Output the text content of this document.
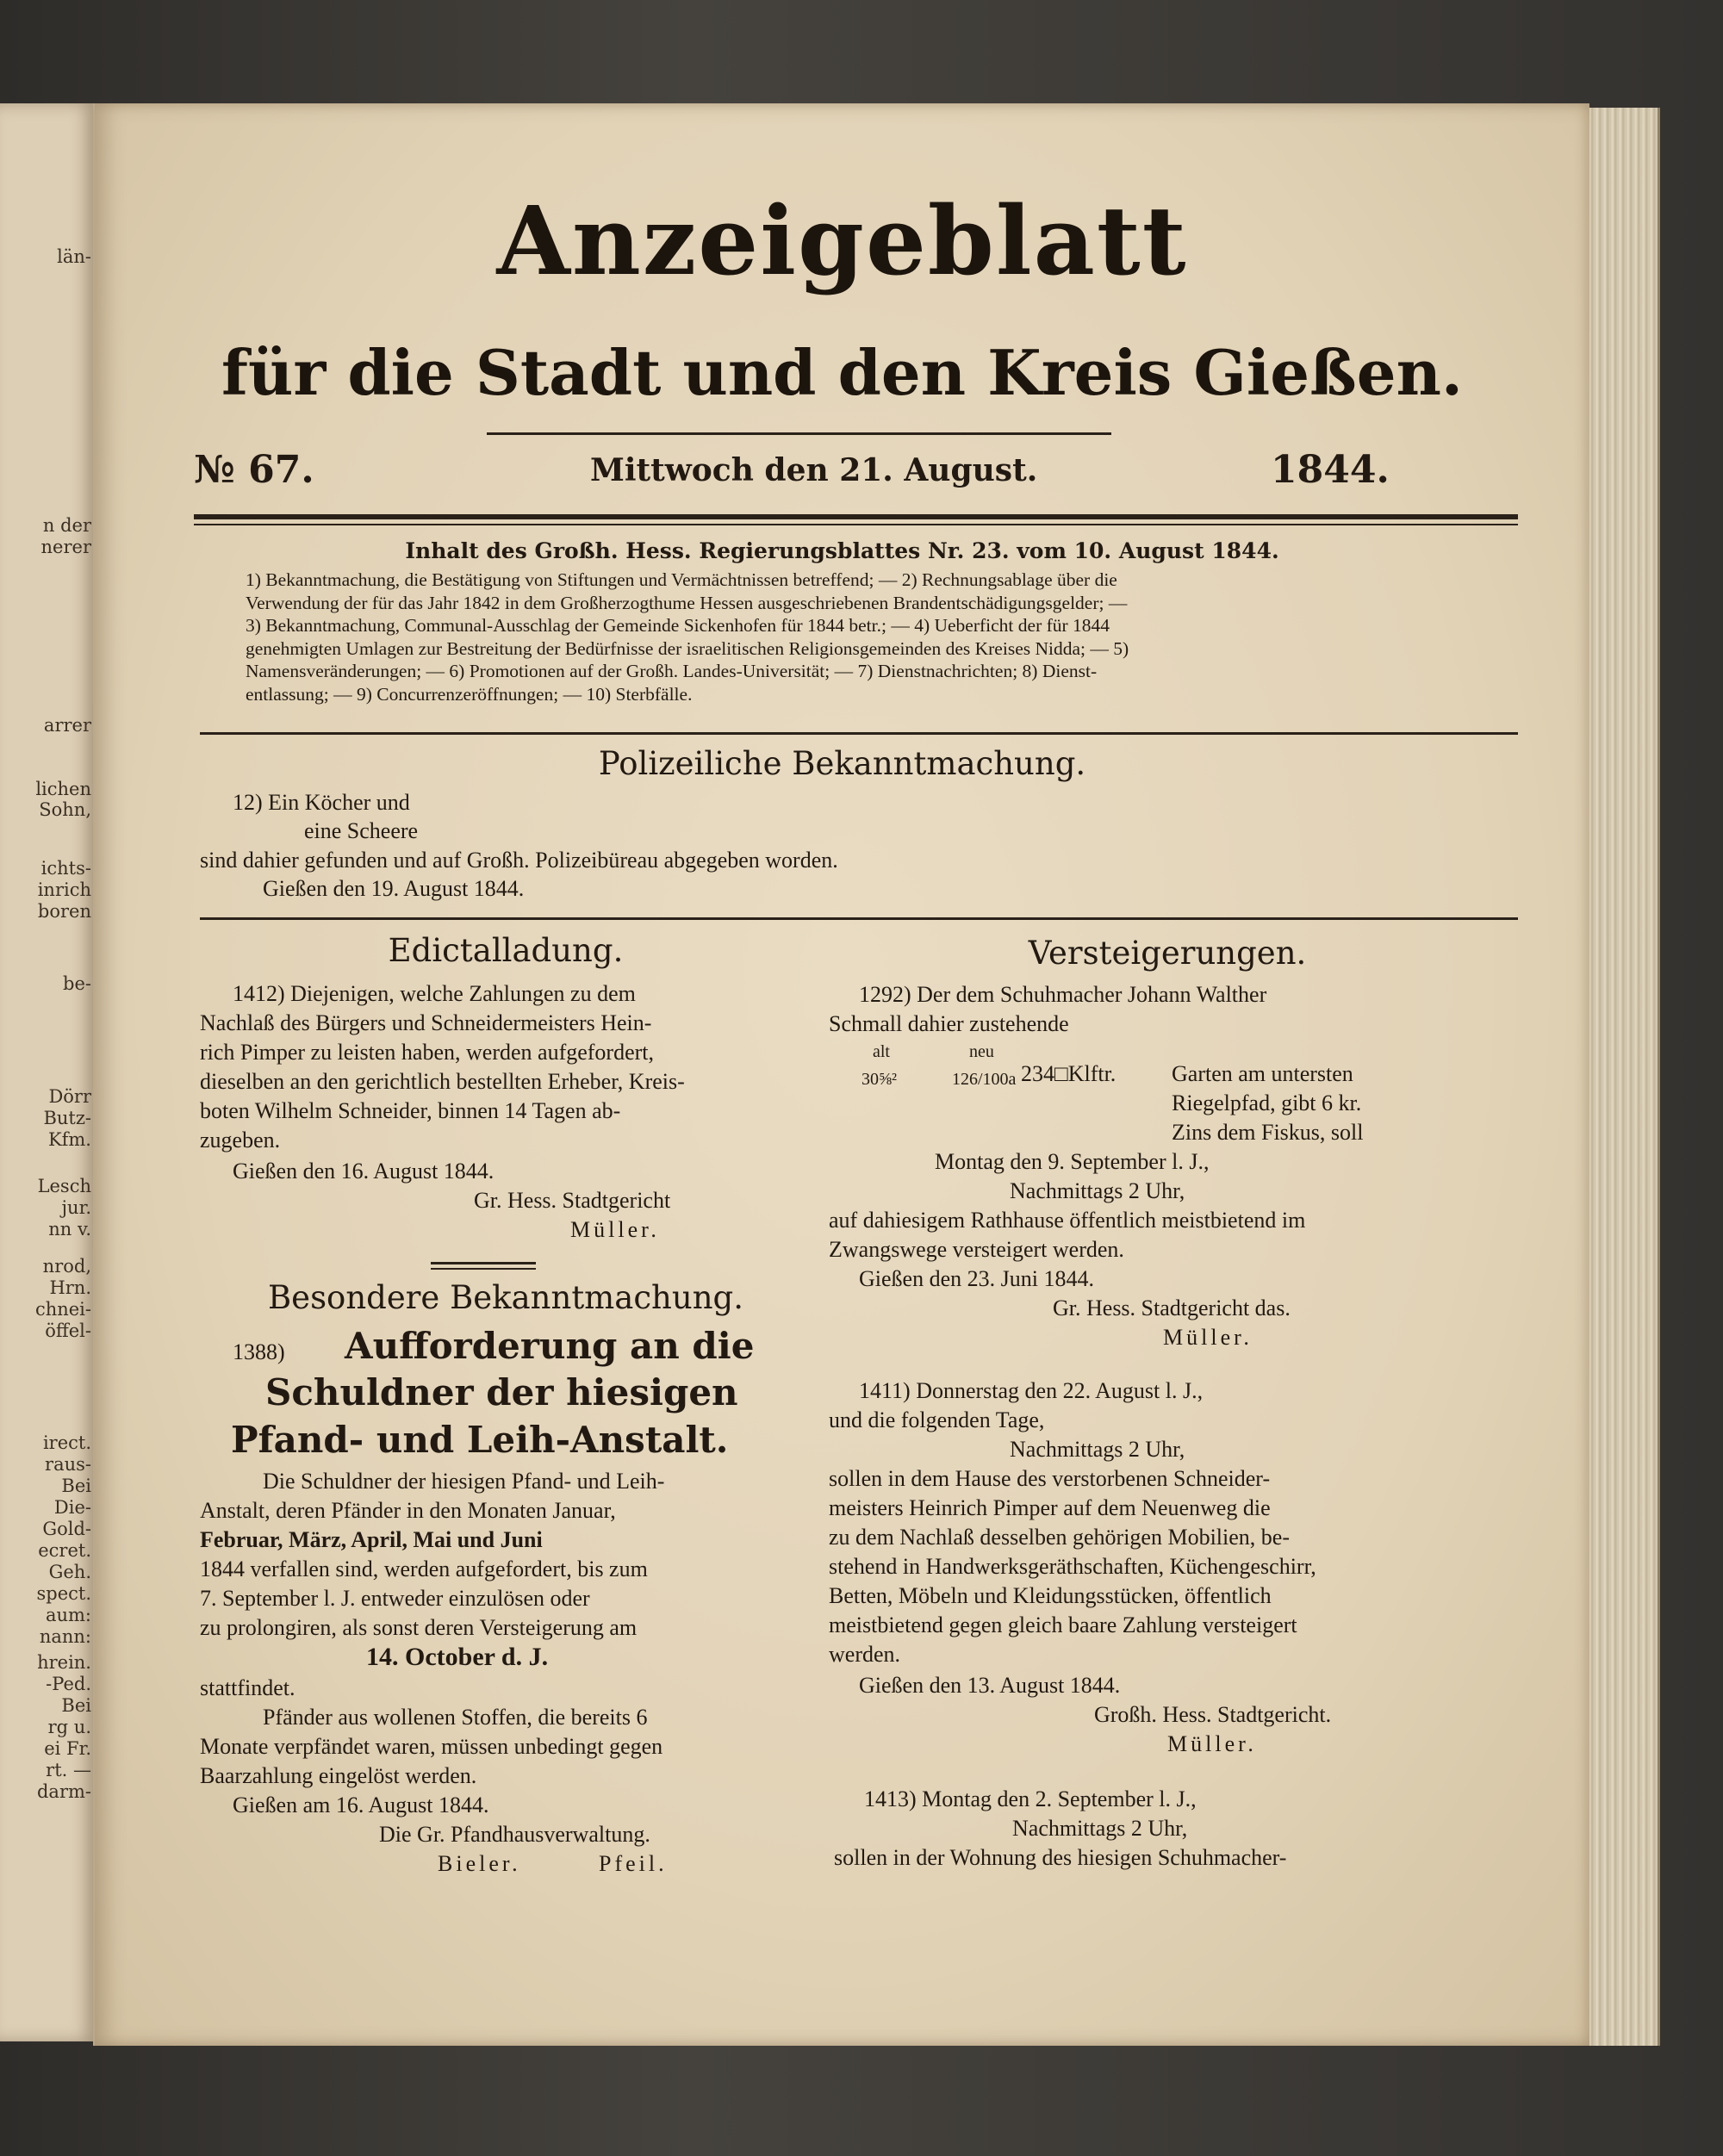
län-
n der
nerer
arrer
lichen
Sohn,
ichts-
inrich
boren
be-
Dörr
Butz-
Kfm.
Lesch
jur.
nn v.
nrod,
Hrn.
chnei-
öffel-
irect.
raus-
Bei
Die-
Gold-
ecret.
Geh.
spect.
aum:
nann:
hrein.
-Ped.
Bei
rg u.
ei Fr.
rt. —
darm-
Anzeigeblatt
für die Stadt und den Kreis Gießen.
№ 67.	Mittwoch den 21. August.	1844.
Inhalt des Großh. Hess. Regierungsblattes Nr. 23. vom 10. August 1844.
1) Bekanntmachung, die Bestätigung von Stiftungen und Vermächtnissen betreffend; — 2) Rechnungsablage über die
Verwendung der für das Jahr 1842 in dem Großherzogthume Hessen ausgeschriebenen Brandentschädigungsgelder; —
3) Bekanntmachung, Communal-Ausschlag der Gemeinde Sickenhofen für 1844 betr.; — 4) Ueberficht der für 1844
genehmigten Umlagen zur Bestreitung der Bedürfnisse der israelitischen Religionsgemeinden des Kreises Nidda; — 5)
Namensveränderungen; — 6) Promotionen auf der Großh. Landes-Universität; — 7) Dienstnachrichten; 8) Dienst-
entlassung; — 9) Concurrenzeröffnungen; — 10) Sterbfälle.
Polizeiliche Bekanntmachung.
12) Ein Köcher und
eine Scheere
sind dahier gefunden und auf Großh. Polizeibüreau abgegeben worden.
Gießen den 19. August 1844.
Edictalladung.
1412) Diejenigen, welche Zahlungen zu dem
Nachlaß des Bürgers und Schneidermeisters Hein-
rich Pimper zu leisten haben, werden aufgefordert,
dieselben an den gerichtlich bestellten Erheber, Kreis-
boten Wilhelm Schneider, binnen 14 Tagen ab-
zugeben.
Gießen den 16. August 1844.
Gr. Hess. Stadtgericht
Müller.
Besondere Bekanntmachung.
1388) Aufforderung an die
Schuldner der hiesigen
Pfand- und Leih-Anstalt.
Die Schuldner der hiesigen Pfand- und Leih-
Anstalt, deren Pfänder in den Monaten Januar,
Februar, März, April, Mai und Juni
1844 verfallen sind, werden aufgefordert, bis zum
7. September l. J. entweder einzulösen oder
zu prolongiren, als sonst deren Versteigerung am
14. October d. J.
stattfindet.
Pfänder aus wollenen Stoffen, die bereits 6
Monate verpfändet waren, müssen unbedingt gegen
Baarzahlung eingelöst werden.
Gießen am 16. August 1844.
Die Gr. Pfandhausverwaltung.
Bieler.	Pfeil.
Versteigerungen.
1292) Der dem Schuhmacher Johann Walther
Schmall dahier zustehende
alt	neu
30⅝²	126/100a 234□Klftr. Garten am untersten
Riegelpfad, gibt 6 kr.
Zins dem Fiskus, soll
Montag den 9. September l. J.,
Nachmittags 2 Uhr,
auf dahiesigem Rathhause öffentlich meistbietend im
Zwangswege versteigert werden.
Gießen den 23. Juni 1844.
Gr. Hess. Stadtgericht das.
Müller.
1411) Donnerstag den 22. August l. J.,
und die folgenden Tage,
Nachmittags 2 Uhr,
sollen in dem Hause des verstorbenen Schneider-
meisters Heinrich Pimper auf dem Neuenweg die
zu dem Nachlaß desselben gehörigen Mobilien, be-
stehend in Handwerksgeräthschaften, Küchengeschirr,
Betten, Möbeln und Kleidungsstücken, öffentlich
meistbietend gegen gleich baare Zahlung versteigert
werden.
Gießen den 13. August 1844.
Großh. Hess. Stadtgericht.
Müller.
1413) Montag den 2. September l. J.,
Nachmittags 2 Uhr,
sollen in der Wohnung des hiesigen Schuhmacher-
